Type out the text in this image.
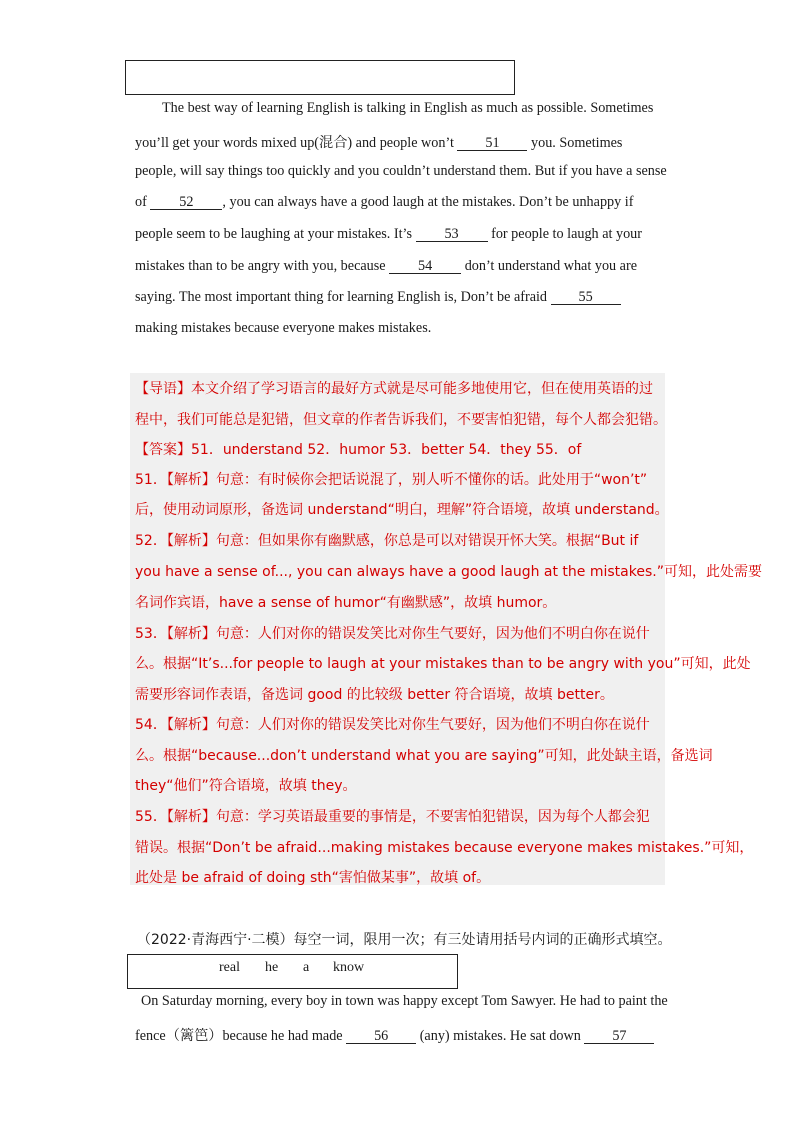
The best way of learning English is talking in English as much as possible. Sometimes
you’ll get your words mixed up(混合) and people won’t 51 you. Sometimes
people, will say things too quickly and you couldn’t understand them. But if you have a sense
of 52 , you can always have a good laugh at the mistakes. Don’t be unhappy if
people seem to be laughing at your mistakes. It’s 53 for people to laugh at your
mistakes than to be angry with you, because 54 don’t understand what you are
saying. The most important thing for learning English is, Don’t be afraid 55
making mistakes because everyone makes mistakes.
【导语】本文介绍了学习语言的最好方式就是尽可能多地使用它，但在使用英语的过
程中，我们可能总是犯错，但文章的作者告诉我们，不要害怕犯错，每个人都会犯错。
【答案】51．understand 52．humor 53．better 54．they 55．of
51．【解析】句意：有时候你会把话说混了，别人听不懂你的话。此处用于“won’t”
后，使用动词原形，备选词 understand“明白，理解”符合语境，故填 understand。
52．【解析】句意：但如果你有幽默感，你总是可以对错误开怀大笑。根据“But if
you have a sense of..., you can always have a good laugh at the mistakes.”可知，此处需要
名词作宾语，have a sense of humor“有幽默感”，故填 humor。
53．【解析】句意：人们对你的错误发笑比对你生气要好，因为他们不明白你在说什
么。根据“It’s...for people to laugh at your mistakes than to be angry with you”可知，此处
需要形容词作表语，备选词 good 的比较级 better 符合语境，故填 better。
54．【解析】句意：人们对你的错误发笑比对你生气要好，因为他们不明白你在说什
么。根据“because...don’t understand what you are saying”可知，此处缺主语，备选词
they“他们”符合语境，故填 they。
55．【解析】句意：学习英语最重要的事情是，不要害怕犯错误，因为每个人都会犯
错误。根据“Don’t be afraid...making mistakes because everyone makes mistakes.”可知，
此处是 be afraid of doing sth“害怕做某事”，故填 of。
（2022·青海西宁·二模）每空一词，限用一次；有三处请用括号内词的正确形式填空。
real he a know
On Saturday morning, every boy in town was happy except Tom Sawyer. He had to paint the
fence（篱笆）because he had made 56 (any) mistakes. He sat down 57
